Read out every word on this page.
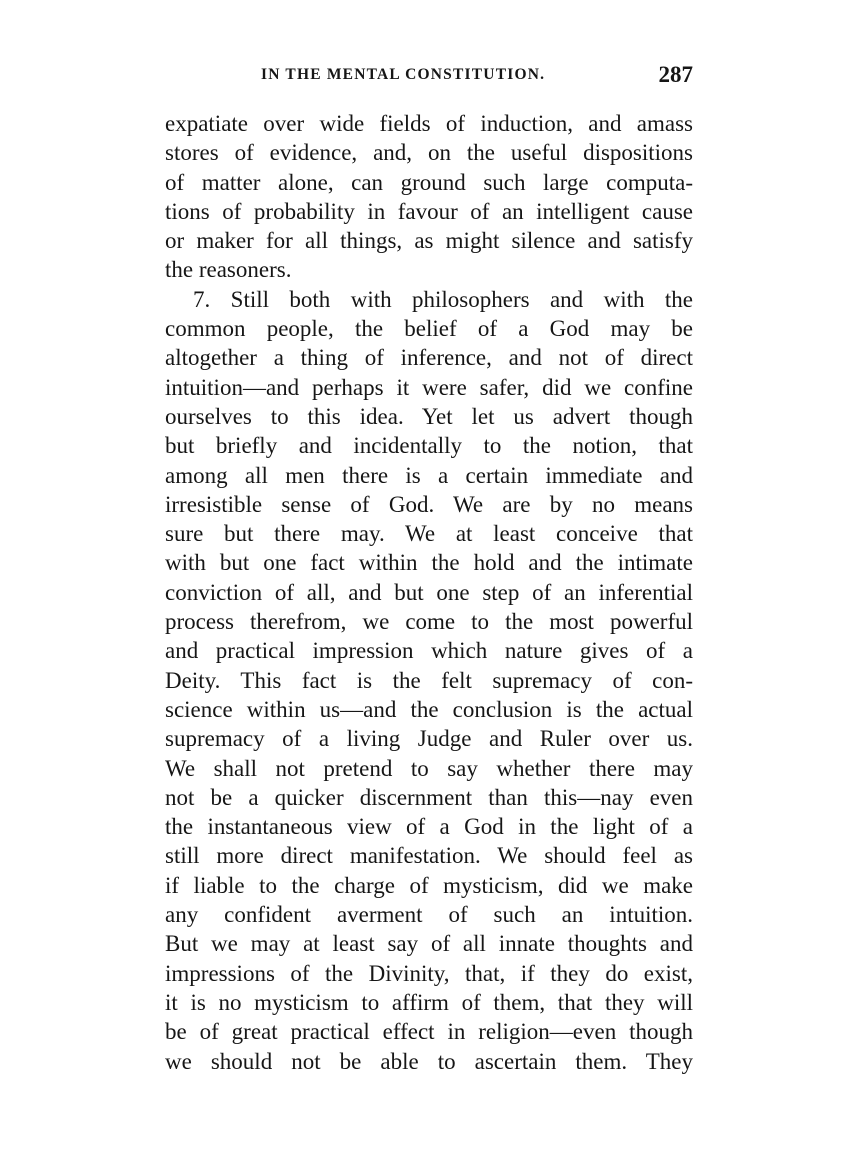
IN THE MENTAL CONSTITUTION.	287
expatiate over wide fields of induction, and amass
stores of evidence, and, on the useful dispositions
of matter alone, can ground such large computa-
tions of probability in favour of an intelligent cause
or maker for all things, as might silence and satisfy
the reasoners.
7. Still both with philosophers and with the
common people, the belief of a God may be
altogether a thing of inference, and not of direct
intuition—and perhaps it were safer, did we confine
ourselves to this idea. Yet let us advert though
but briefly and incidentally to the notion, that
among all men there is a certain immediate and
irresistible sense of God. We are by no means
sure but there may. We at least conceive that
with but one fact within the hold and the intimate
conviction of all, and but one step of an inferential
process therefrom, we come to the most powerful
and practical impression which nature gives of a
Deity. This fact is the felt supremacy of con-
science within us—and the conclusion is the actual
supremacy of a living Judge and Ruler over us.
We shall not pretend to say whether there may
not be a quicker discernment than this—nay even
the instantaneous view of a God in the light of a
still more direct manifestation. We should feel as
if liable to the charge of mysticism, did we make
any confident averment of such an intuition.
But we may at least say of all innate thoughts and
impressions of the Divinity, that, if they do exist,
it is no mysticism to affirm of them, that they will
be of great practical effect in religion—even though
we should not be able to ascertain them. They
